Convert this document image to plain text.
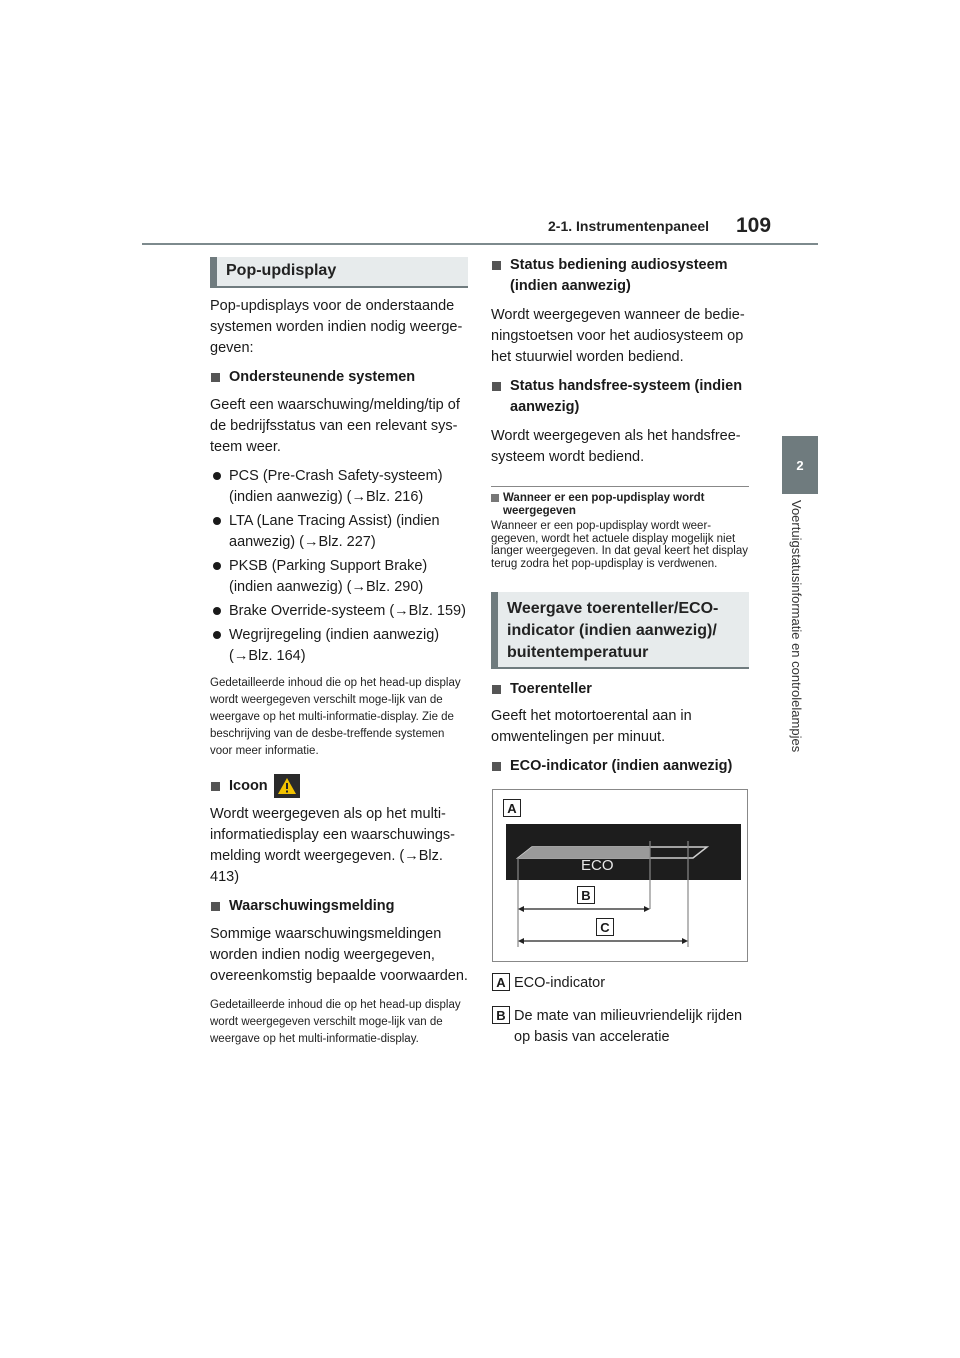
2-1. Instrumentenpaneel 109
2
Voertuigstatusinformatie en controlelampjes
Pop-updisplay

Pop-updisplays voor de onderstaande systemen worden indien nodig weerge-geven:

Ondersteunende systemen

Geeft een waarschuwing/melding/tip of de bedrijfsstatus van een relevant sys-teem weer.

PCS (Pre-Crash Safety-systeem) (indien aanwezig) (→Blz. 216)

LTA (Lane Tracing Assist) (indien aanwezig) (→Blz. 227)

PKSB (Parking Support Brake) (indien aanwezig) (→Blz. 290)

Brake Override-systeem (→Blz. 159)

Wegrijregeling (indien aanwezig) (→Blz. 164)

Gedetailleerde inhoud die op het head-up display wordt weergegeven verschilt moge-lijk van de weergave op het multi-informatie-display. Zie de beschrijving van de desbe-treffende systemen voor meer informatie.

Icoon

Wordt weergegeven als op het multi-informatiedisplay een waarschuwings-melding wordt weergegeven. (→Blz. 413)

Waarschuwingsmelding

Sommige waarschuwingsmeldingen worden indien nodig weergegeven, overeenkomstig bepaalde voorwaarden.

Gedetailleerde inhoud die op het head-up display wordt weergegeven verschilt moge-lijk van de weergave op het multi-informatie-display.

Status bediening audiosysteem (indien aanwezig)

Wordt weergegeven wanneer de bedie-ningstoetsen voor het audiosysteem op het stuurwiel worden bediend.

Status handsfree-systeem (indien aanwezig)

Wordt weergegeven als het handsfree-systeem wordt bediend.

Wanneer er een pop-updisplay wordt weergegeven

Wanneer er een pop-updisplay wordt weer-gegeven, wordt het actuele display mogelijk niet langer weergegeven. In dat geval keert het display terug zodra het pop-updisplay is verdwenen.

Weergave toerenteller/ECO-indicator (indien aanwezig)/ buitentemperatuur

Toerenteller

Geeft het motortoerental aan in omwentelingen per minuut.

ECO-indicator (indien aanwezig)

ECO
A
B
C
A ECO-indicator
B De mate van milieuvriendelijk rijden op basis van acceleratie
